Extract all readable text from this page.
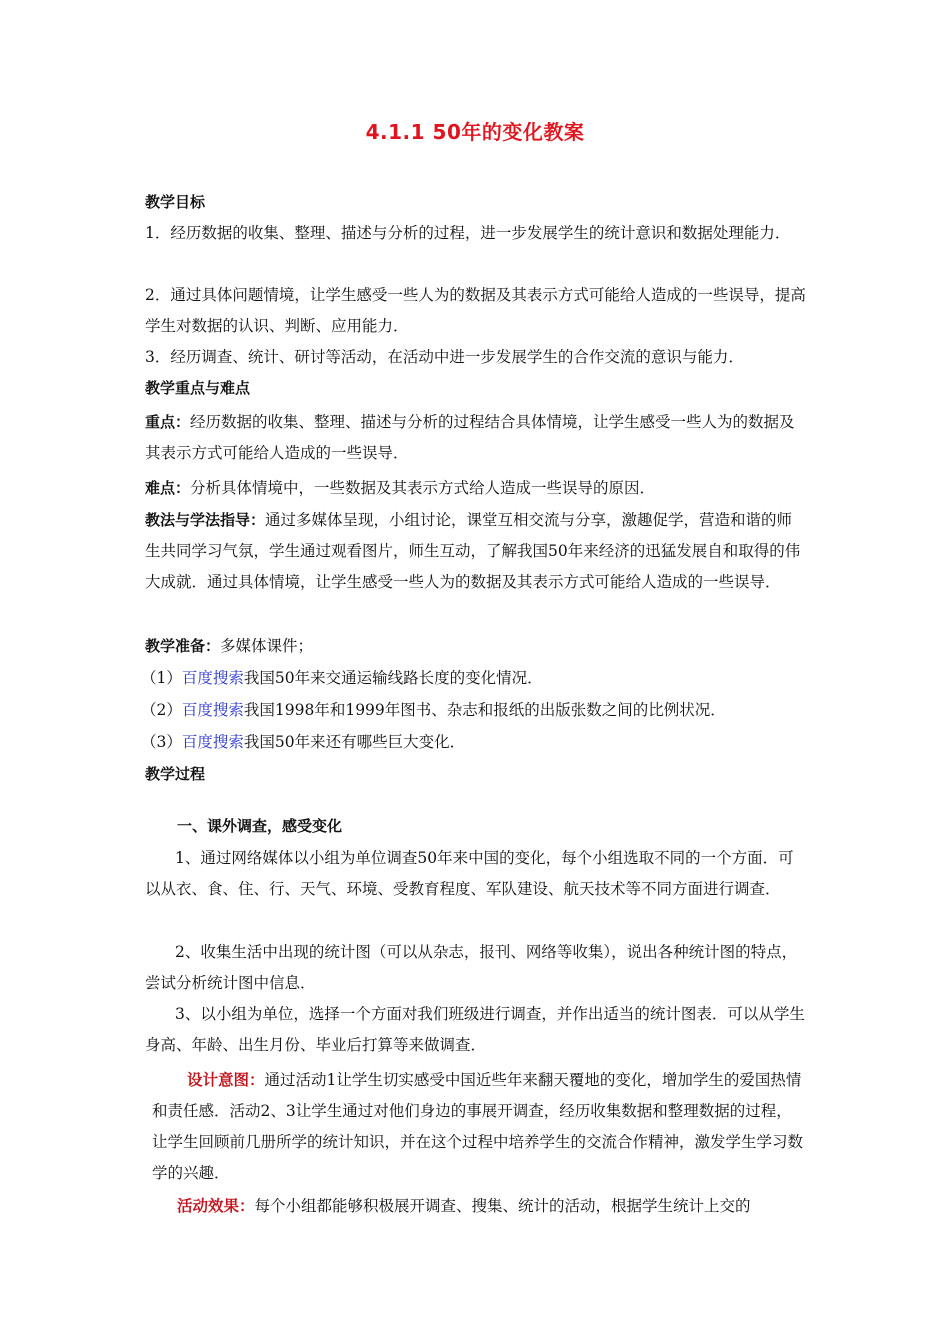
4.1.1 50年的变化教案
教学目标
1．经历数据的收集、整理、描述与分析的过程，进一步发展学生的统计意识和数据处理能力．
2．通过具体问题情境，让学生感受一些人为的数据及其表示方式可能给人造成的一些误导，提高学生对数据的认识、判断、应用能力．
3．经历调查、统计、研讨等活动，在活动中进一步发展学生的合作交流的意识与能力．
教学重点与难点
重点：经历数据的收集、整理、描述与分析的过程结合具体情境，让学生感受一些人为的数据及其表示方式可能给人造成的一些误导．
难点：分析具体情境中，一些数据及其表示方式给人造成一些误导的原因．
教法与学法指导：通过多媒体呈现，小组讨论，课堂互相交流与分享，激趣促学，营造和谐的师生共同学习气氛，学生通过观看图片，师生互动，了解我国50年来经济的迅猛发展自和取得的伟大成就．通过具体情境，让学生感受一些人为的数据及其表示方式可能给人造成的一些误导．
教学准备：多媒体课件；
（1）百度搜索我国50年来交通运输线路长度的变化情况．
（2）百度搜索我国1998年和1999年图书、杂志和报纸的出版张数之间的比例状况．
（3）百度搜索我国50年来还有哪些巨大变化．
教学过程
一、课外调查，感受变化
1、通过网络媒体以小组为单位调查50年来中国的变化，每个小组选取不同的一个方面．可以从衣、食、住、行、天气、环境、受教育程度、军队建设、航天技术等不同方面进行调查．
2、收集生活中出现的统计图（可以从杂志，报刊、网络等收集），说出各种统计图的特点，尝试分析统计图中信息．
3、以小组为单位，选择一个方面对我们班级进行调查，并作出适当的统计图表．可以从学生身高、年龄、出生月份、毕业后打算等来做调查．
设计意图：通过活动1让学生切实感受中国近些年来翻天覆地的变化，增加学生的爱国热情和责任感．活动2、3让学生通过对他们身边的事展开调查，经历收集数据和整理数据的过程，让学生回顾前几册所学的统计知识，并在这个过程中培养学生的交流合作精神，激发学生学习数学的兴趣．
活动效果：每个小组都能够积极展开调查、搜集、统计的活动，根据学生统计上交的
